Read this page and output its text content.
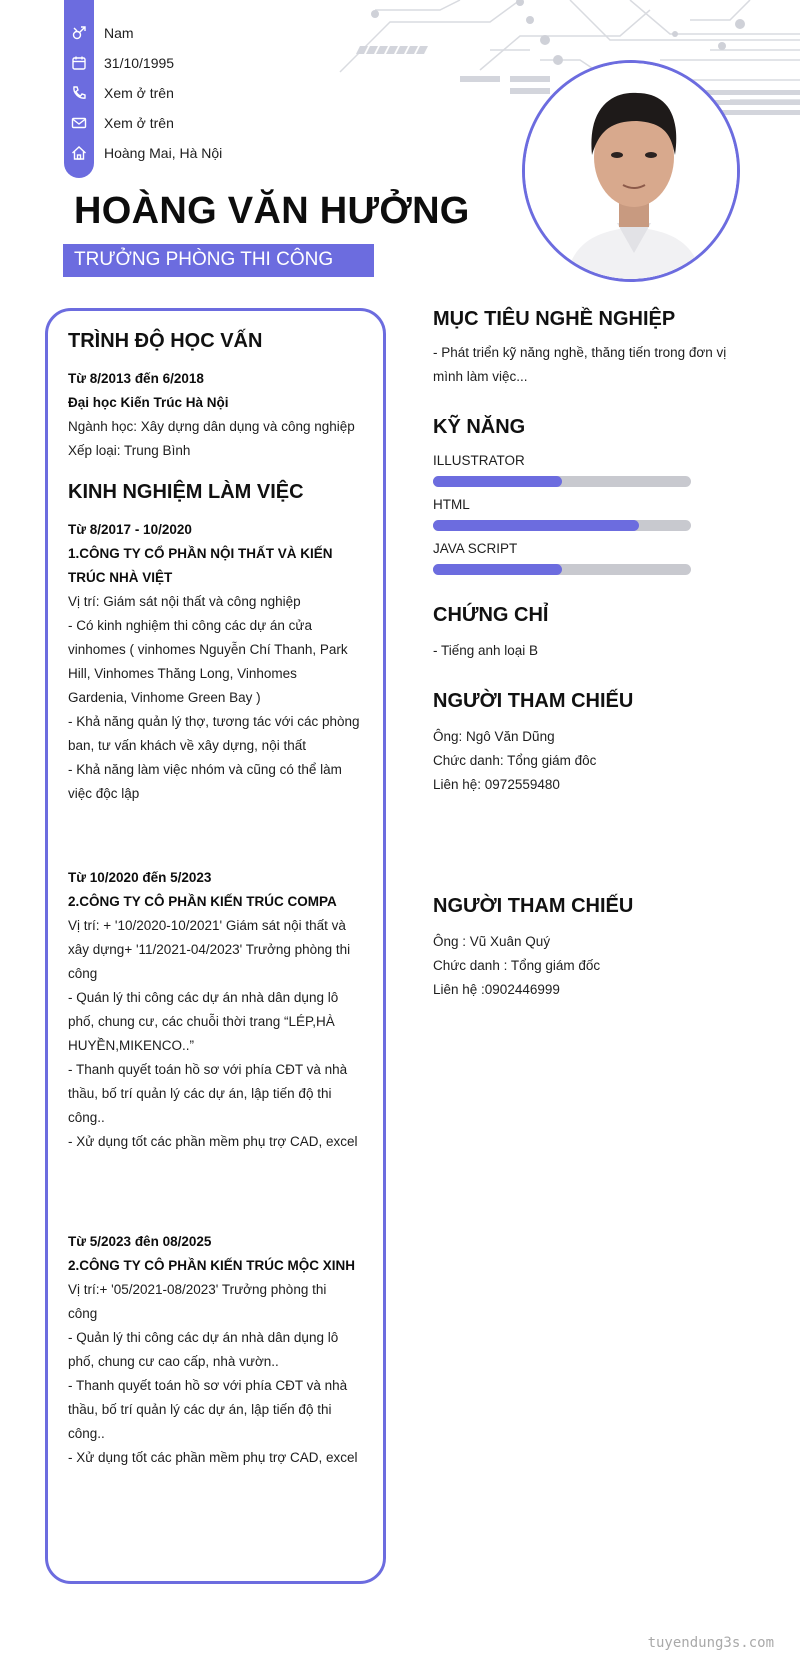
Nam
31/10/1995
Xem ở trên
Xem ở trên
Hoàng Mai, Hà Nội
HOÀNG VĂN HƯỞNG
TRƯỞNG PHÒNG THI CÔNG
TRÌNH ĐỘ HỌC VẤN
Từ 8/2013 đến 6/2018
Đại học Kiến Trúc Hà Nội
Ngành học: Xây dựng dân dụng và công nghiệp
Xếp loại: Trung Bình
KINH NGHIỆM LÀM VIỆC
Từ 8/2017 - 10/2020
1.CÔNG TY CỔ PHẦN NỘI THẤT VÀ KIẾN
TRÚC NHÀ VIỆT
Vị trí: Giám sát nội thất và công nghiệp
- Có kinh nghiệm thi công các dự án cửa
vinhomes ( vinhomes Nguyễn Chí Thanh, Park
Hill, Vinhomes Thăng Long, Vinhomes
Gardenia, Vinhome Green Bay )
- Khả năng quản lý thợ, tương tác với các phòng
ban, tư vấn khách về xây dựng, nội thất
- Khả năng làm việc nhóm và cũng có thể làm
việc độc lập
Từ 10/2020 đến 5/2023
2.CÔNG TY CÔ PHẦN KIẾN TRÚC COMPA
Vị trí: + '10/2020-10/2021' Giám sát nội thất và
xây dựng+ '11/2021-04/2023' Trưởng phòng thi
công
- Quán lý thi công các dự án nhà dân dụng lô
phố, chung cư, các chuỗi thời trang “LÉP,HÀ
HUYỀN,MIKENCO..”
- Thanh quyết toán hồ sơ với phía CĐT và nhà
thầu, bố trí quản lý các dự án, lập tiến độ thi
công..
- Xử dụng tốt các phần mềm phụ trợ CAD, excel
Từ 5/2023 đên 08/2025
2.CÔNG TY CÔ PHẦN KIẾN TRÚC MỘC XINH
Vị trí:+ '05/2021-08/2023' Trưởng phòng thi
công
- Quản lý thi công các dự án nhà dân dụng lô
phố, chung cư cao cấp, nhà vườn..
- Thanh quyết toán hồ sơ với phía CĐT và nhà
thầu, bố trí quản lý các dự án, lập tiến độ thi
công..
- Xử dụng tốt các phần mềm phụ trợ CAD, excel
MỤC TIÊU NGHỀ NGHIỆP
- Phát triển kỹ năng nghề, thăng tiến trong đơn vị
mình làm việc...
KỸ NĂNG
ILLUSTRATOR
HTML
JAVA SCRIPT
CHỨNG CHỈ
- Tiếng anh loại B
NGƯỜI THAM CHIẾU
Ông: Ngô Văn Dũng
Chức danh: Tổng giám đôc
Liên hệ: 0972559480
NGƯỜI THAM CHIẾU
Ông : Vũ Xuân Quý
Chức danh : Tổng giám đốc
Liên hệ :0902446999
tuyendung3s.com
